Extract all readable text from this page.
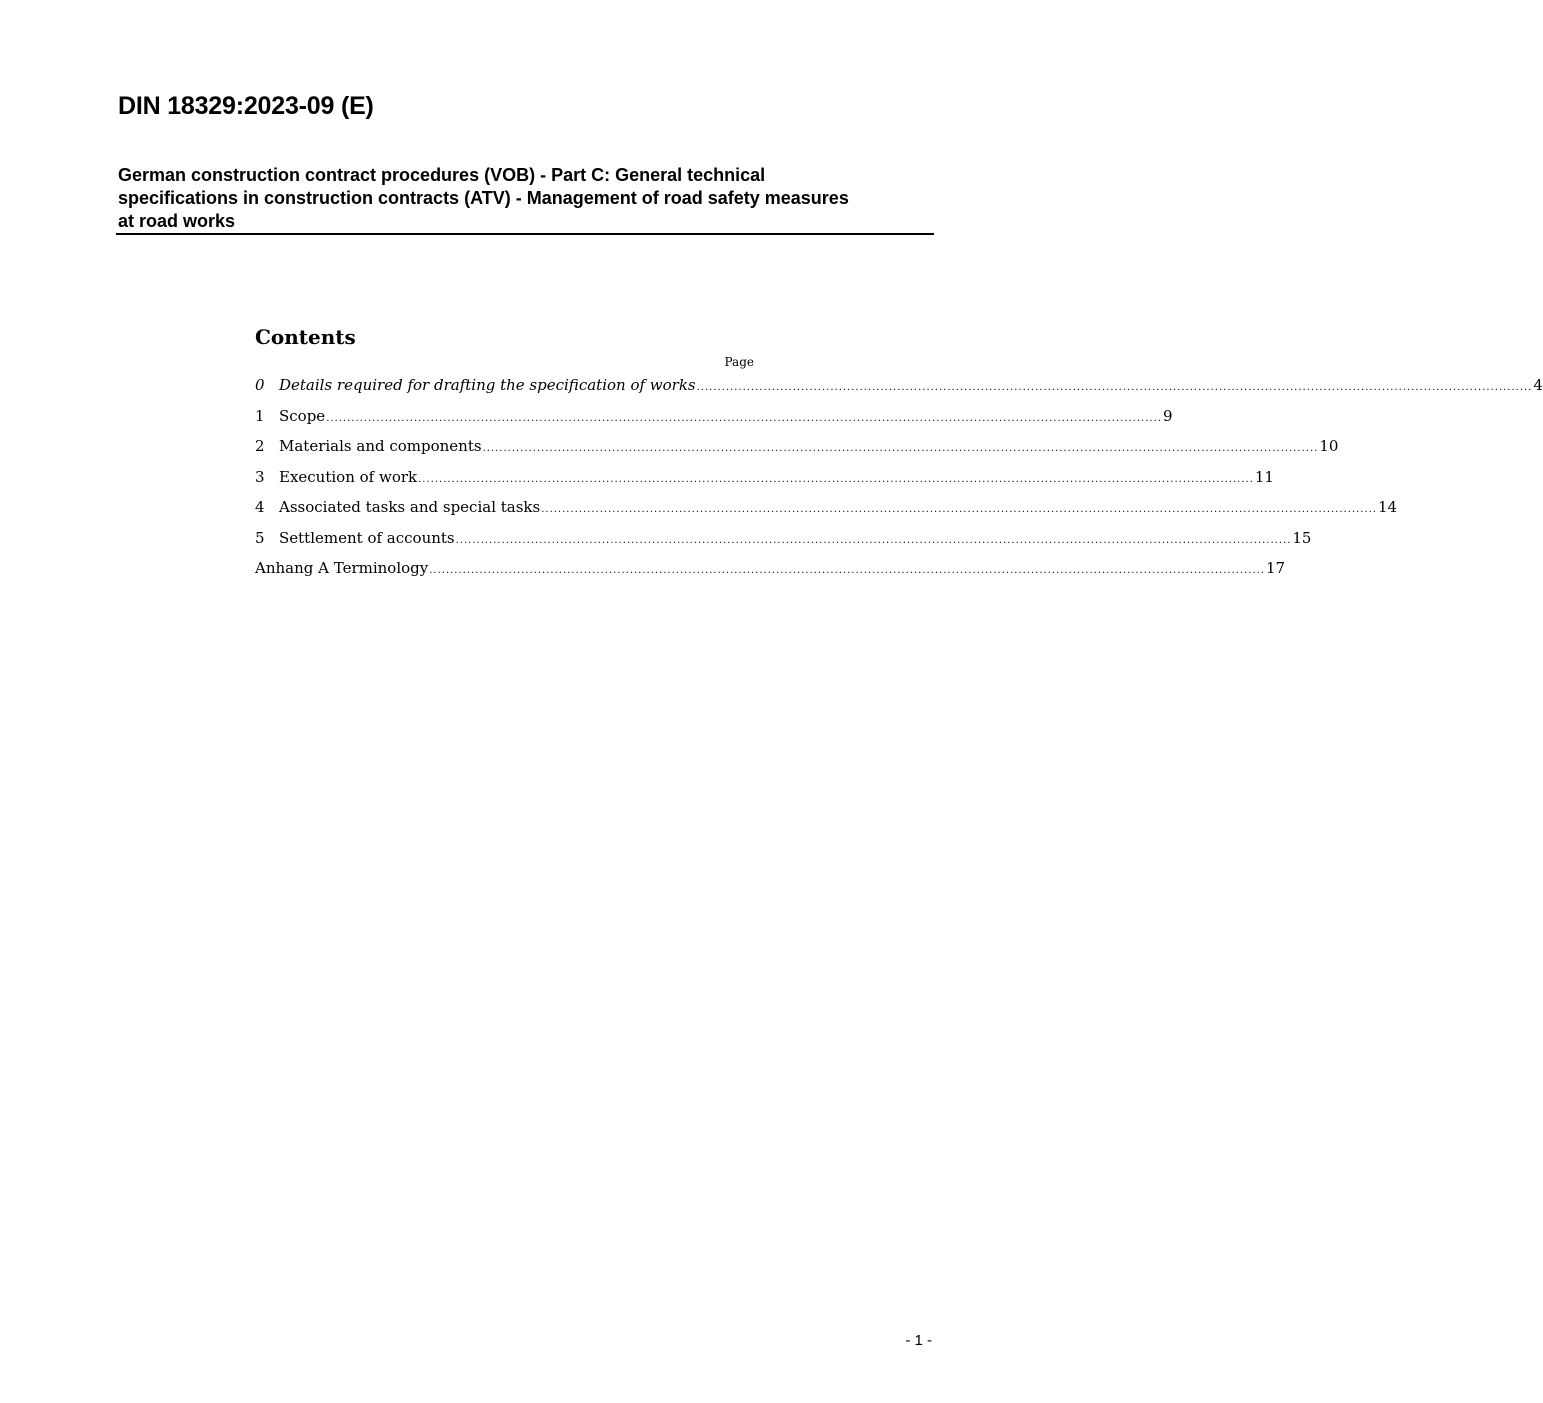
DIN 18329:2023-09 (E)
German construction contract procedures (VOB) - Part C: General technical specifications in construction contracts (ATV) - Management of road safety measures at road works
Contents
Page
0 Details required for drafting the specification of works ........................................................................................................................................................................................................ 4
1 Scope ........................................................................................................................................................................................................ 9
2 Materials and components ........................................................................................................................................................................................................ 10
3 Execution of work ........................................................................................................................................................................................................ 11
4 Associated tasks and special tasks ........................................................................................................................................................................................................ 14
5 Settlement of accounts ........................................................................................................................................................................................................ 15
Anhang A Terminology ........................................................................................................................................................................................................ 17
- 1 -
